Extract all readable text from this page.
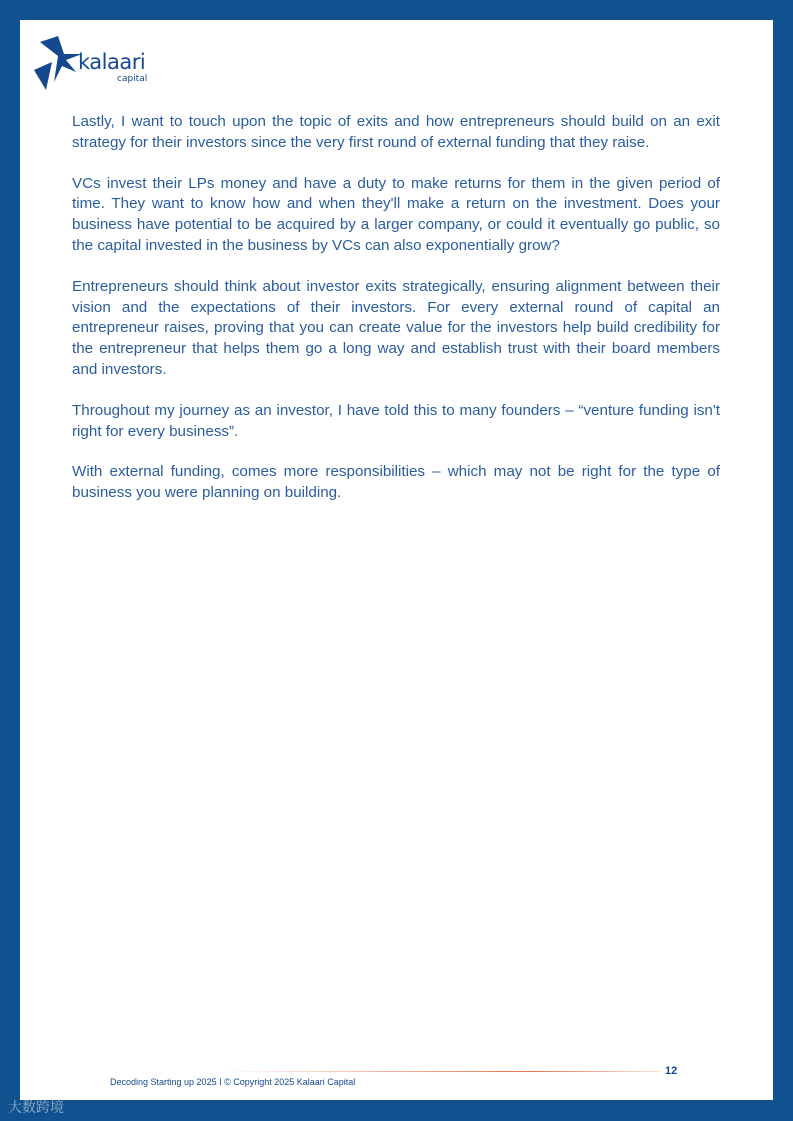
kalaari
capital

Lastly, I want to touch upon the topic of exits and how entrepreneurs should build on an exit strategy for their investors since the very first round of external funding that they raise.

VCs invest their LPs money and have a duty to make returns for them in the given period of time. They want to know how and when they'll make a return on the investment. Does your business have potential to be acquired by a larger company, or could it eventually go public, so the capital invested in the business by VCs can also exponentially grow?

Entrepreneurs should think about investor exits strategically, ensuring alignment between their vision and the expectations of their investors. For every external round of capital an entrepreneur raises, proving that you can create value for the investors help build credibility for the entrepreneur that helps them go a long way and establish trust with their board members and investors.

Throughout my journey as an investor, I have told this to many founders – “venture funding isn't right for every business”.

With external funding, comes more responsibilities – which may not be right for the type of business you were planning on building.

Decoding Starting up 2025 I © Copyright 2025 Kalaari Capital
12
大数跨境
